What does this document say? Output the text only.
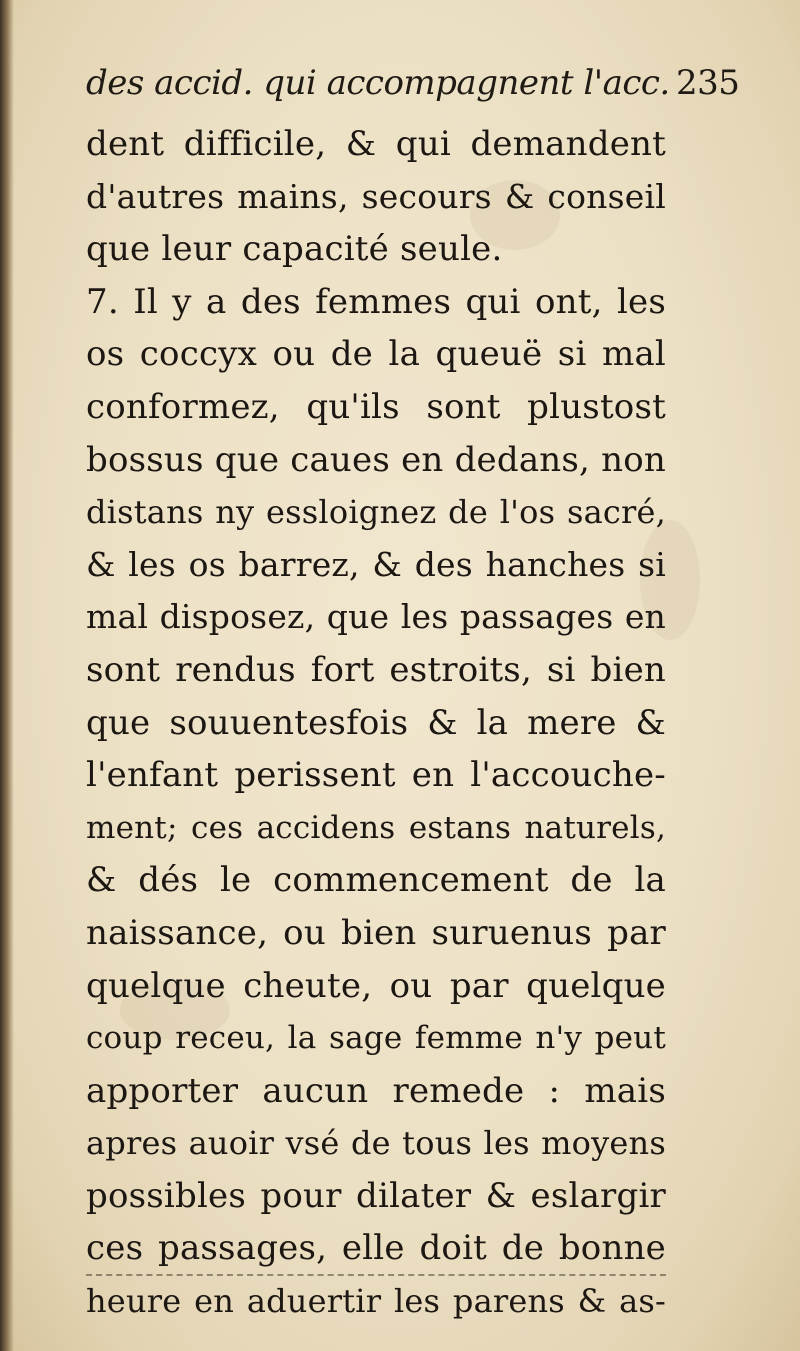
des accid. qui accompagnent l'acc. 235
dent difficile, & qui demandent
d'autres mains, secours & conseil
que leur capacité seule.
7. Il y a des femmes qui ont, les
os coccyx ou de la queuë si mal
conformez, qu'ils sont plustost
bossus que caues en dedans, non
distans ny essloignez de l'os sacré,
& les os barrez, & des hanches si
mal disposez, que les passages en
sont rendus fort estroits, si bien
que souuentesfois & la mere &
l'enfant perissent en l'accouche-
ment; ces accidens estans naturels,
& dés le commencement de la
naissance, ou bien suruenus par
quelque cheute, ou par quelque
coup receu, la sage femme n'y peut
apporter aucun remede : mais
apres auoir vsé de tous les moyens
possibles pour dilater & eslargir
ces passages, elle doit de bonne
heure en aduertir les parens & as-
